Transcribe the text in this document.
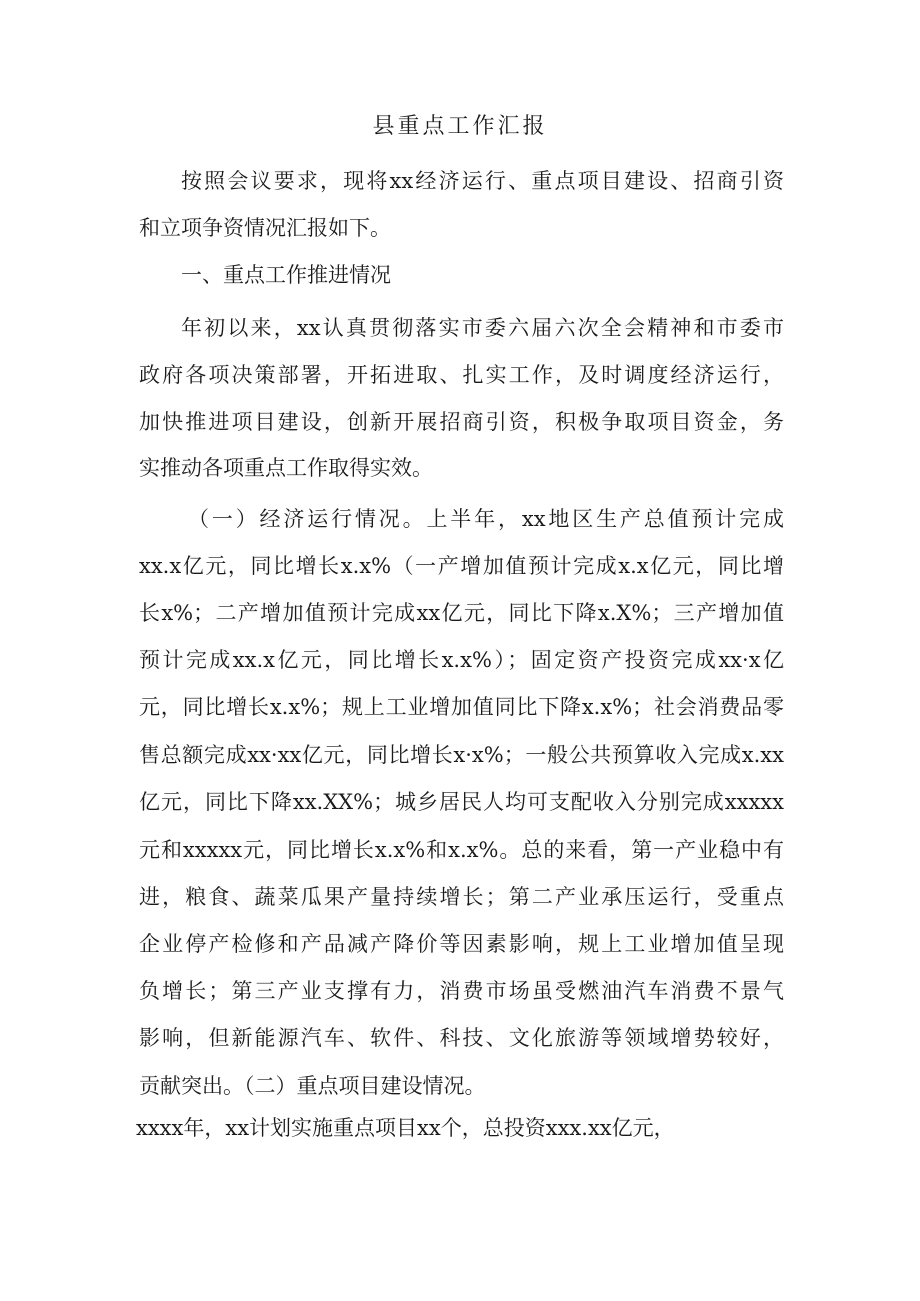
县重点工作汇报
按照会议要求，现将xx经济运行、重点项目建设、招商引资
和立项争资情况汇报如下。
一、重点工作推进情况
年初以来，xx认真贯彻落实市委六届六次全会精神和市委市
政府各项决策部署，开拓进取、扎实工作，及时调度经济运行，
加快推进项目建设，创新开展招商引资，积极争取项目资金，务
实推动各项重点工作取得实效。
（一）经济运行情况。上半年，xx地区生产总值预计完成
xx.x亿元，同比增长x.x%（一产增加值预计完成x.x亿元，同比增
长x%；二产增加值预计完成xx亿元，同比下降x.X%；三产增加值
预计完成xx.x亿元，同比增长x.x%）；固定资产投资完成xx·x亿
元，同比增长x.x%；规上工业增加值同比下降x.x%；社会消费品零
售总额完成xx·xx亿元，同比增长x·x%；一般公共预算收入完成x.xx
亿元，同比下降xx.XX%；城乡居民人均可支配收入分别完成xxxxx
元和xxxxx元，同比增长x.x%和x.x%。总的来看，第一产业稳中有
进，粮食、蔬菜瓜果产量持续增长；第二产业承压运行，受重点
企业停产检修和产品减产降价等因素影响，规上工业增加值呈现
负增长；第三产业支撑有力，消费市场虽受燃油汽车消费不景气
影响，但新能源汽车、软件、科技、文化旅游等领域增势较好，
贡献突出。（二）重点项目建设情况。
xxxx年，xx计划实施重点项目xx个，总投资xxx.xx亿元，
